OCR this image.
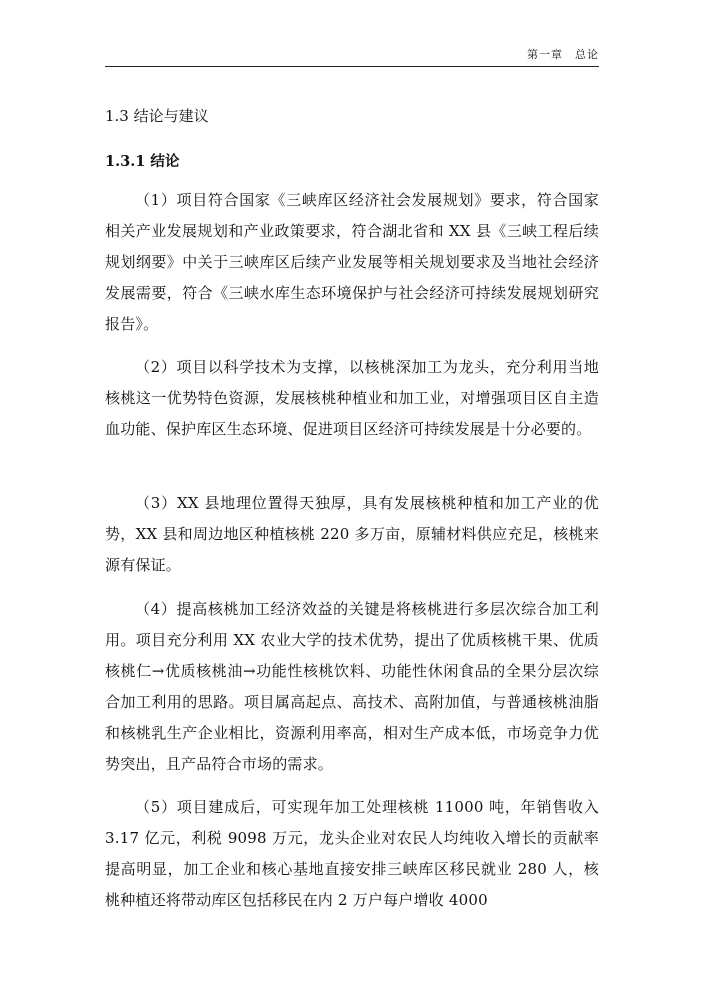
第一章　总论
1.3 结论与建议
1.3.1 结论

（1）项目符合国家《三峡库区经济社会发展规划》要求，符合国家相关产业发展规划和产业政策要求，符合湖北省和 XX 县《三峡工程后续规划纲要》中关于三峡库区后续产业发展等相关规划要求及当地社会经济发展需要，符合《三峡水库生态环境保护与社会经济可持续发展规划研究报告》。

（2）项目以科学技术为支撑，以核桃深加工为龙头，充分利用当地核桃这一优势特色资源，发展核桃种植业和加工业，对增强项目区自主造血功能、保护库区生态环境、促进项目区经济可持续发展是十分必要的。

（3）XX 县地理位置得天独厚，具有发展核桃种植和加工产业的优势，XX 县和周边地区种植核桃 220 多万亩，原辅材料供应充足，核桃来源有保证。

（4）提高核桃加工经济效益的关键是将核桃进行多层次综合加工利用。项目充分利用 XX 农业大学的技术优势，提出了优质核桃干果、优质核桃仁→优质核桃油→功能性核桃饮料、功能性休闲食品的全果分层次综合加工利用的思路。项目属高起点、高技术、高附加值，与普通核桃油脂和核桃乳生产企业相比，资源利用率高，相对生产成本低，市场竞争力优势突出，且产品符合市场的需求。

（5）项目建成后，可实现年加工处理核桃 11000 吨，年销售收入 3.17 亿元，利税 9098 万元，龙头企业对农民人均纯收入增长的贡献率提高明显，加工企业和核心基地直接安排三峡库区移民就业 280 人，核桃种植还将带动库区包括移民在内 2 万户每户增收 4000
